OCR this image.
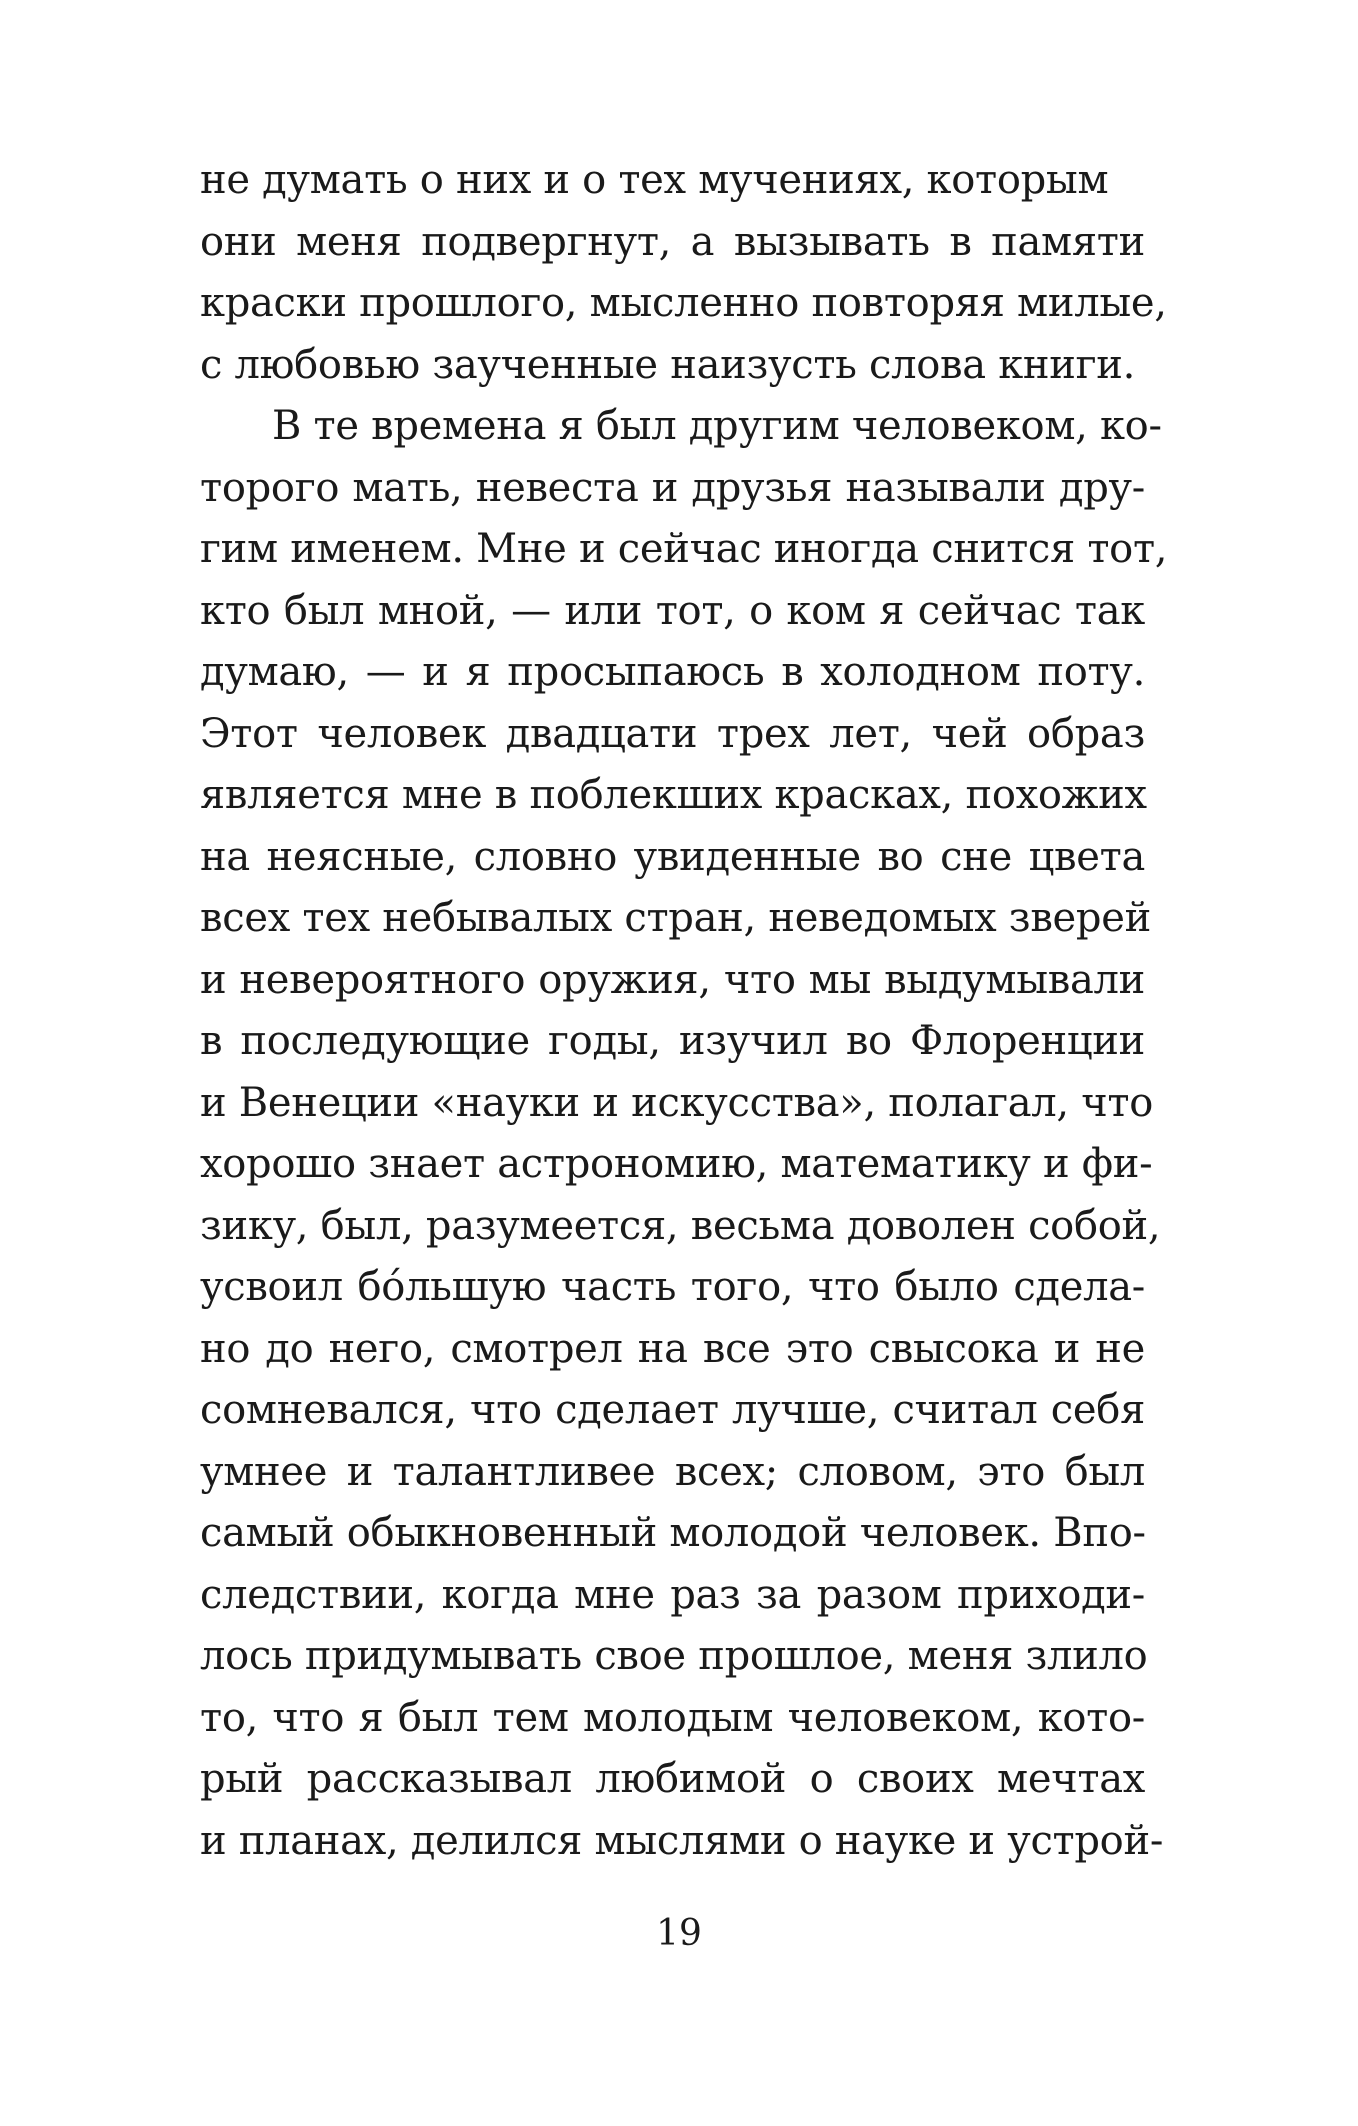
не думать о них и о тех мучениях, которым
они меня подвергнут, а вызывать в памяти
краски прошлого, мысленно повторяя милые,
с любовью заученные наизусть слова книги.
В те времена я был другим человеком, ко-
торого мать, невеста и друзья называли дру-
гим именем. Мне и сейчас иногда снится тот,
кто был мной, — или тот, о ком я сейчас так
думаю, — и я просыпаюсь в холодном поту.
Этот человек двадцати трех лет, чей образ
является мне в поблекших красках, похожих
на неясные, словно увиденные во сне цвета
всех тех небывалых стран, неведомых зверей
и невероятного оружия, что мы выдумывали
в последующие годы, изучил во Флоренции
и Венеции «науки и искусства», полагал, что
хорошо знает астрономию, математику и фи-
зику, был, разумеется, весьма доволен собой,
усвоил бóльшую часть того, что было сдела-
но до него, смотрел на все это свысока и не
сомневался, что сделает лучше, считал себя
умнее и талантливее всех; словом, это был
самый обыкновенный молодой человек. Впо-
следствии, когда мне раз за разом приходи-
лось придумывать свое прошлое, меня злило
то, что я был тем молодым человеком, кото-
рый рассказывал любимой о своих мечтах
и планах, делился мыслями о науке и устрой-
19
